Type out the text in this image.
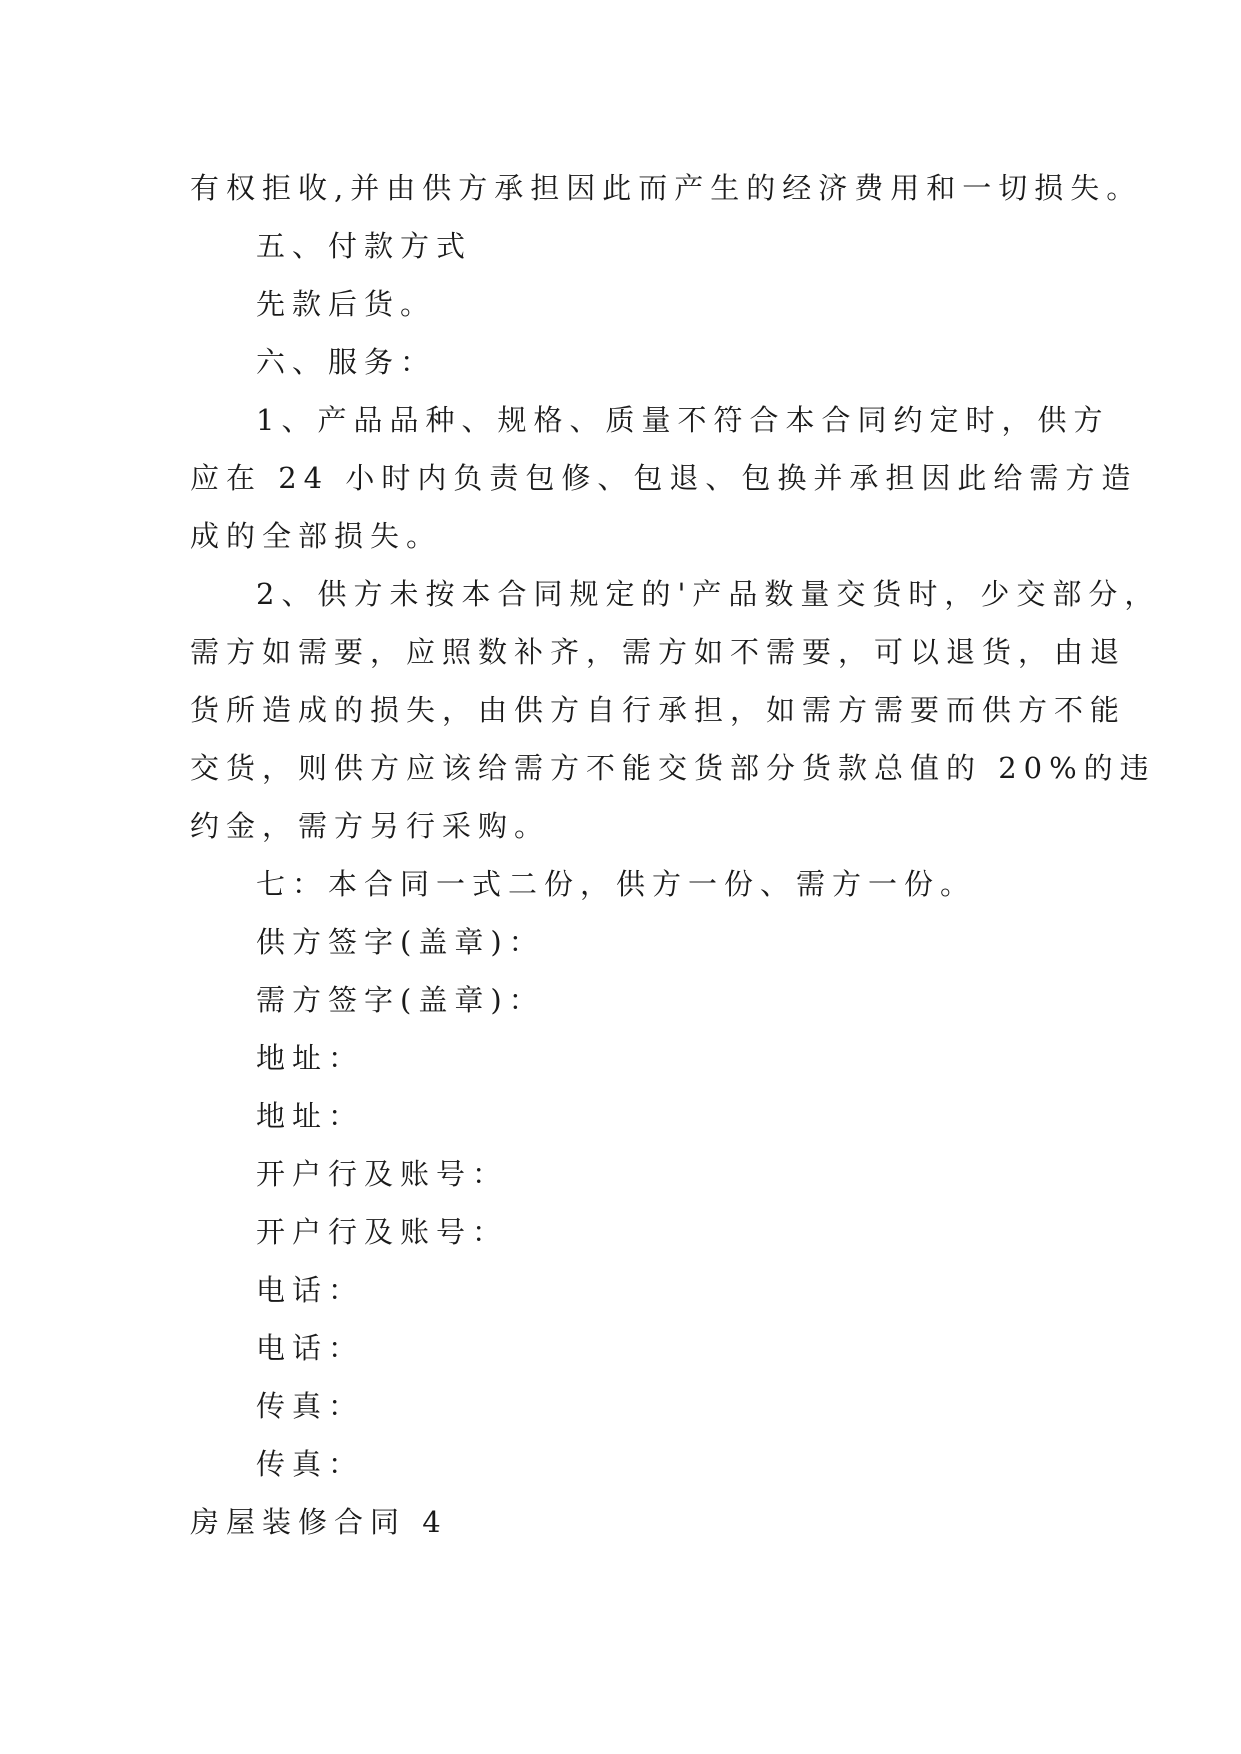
有权拒收,并由供方承担因此而产生的经济费用和一切损失。
五、付款方式
先款后货。
六、服务：
1、产品品种、规格、质量不符合本合同约定时，供方
应在 24 小时内负责包修、包退、包换并承担因此给需方造
成的全部损失。
2、供方未按本合同规定的'产品数量交货时，少交部分，
需方如需要，应照数补齐，需方如不需要，可以退货，由退
货所造成的损失，由供方自行承担，如需方需要而供方不能
交货，则供方应该给需方不能交货部分货款总值的 20%的违
约金，需方另行采购。
七：本合同一式二份，供方一份、需方一份。
供方签字(盖章)：
需方签字(盖章)：
地址：
地址：
开户行及账号：
开户行及账号：
电话：
电话：
传真：
传真：
房屋装修合同 4
